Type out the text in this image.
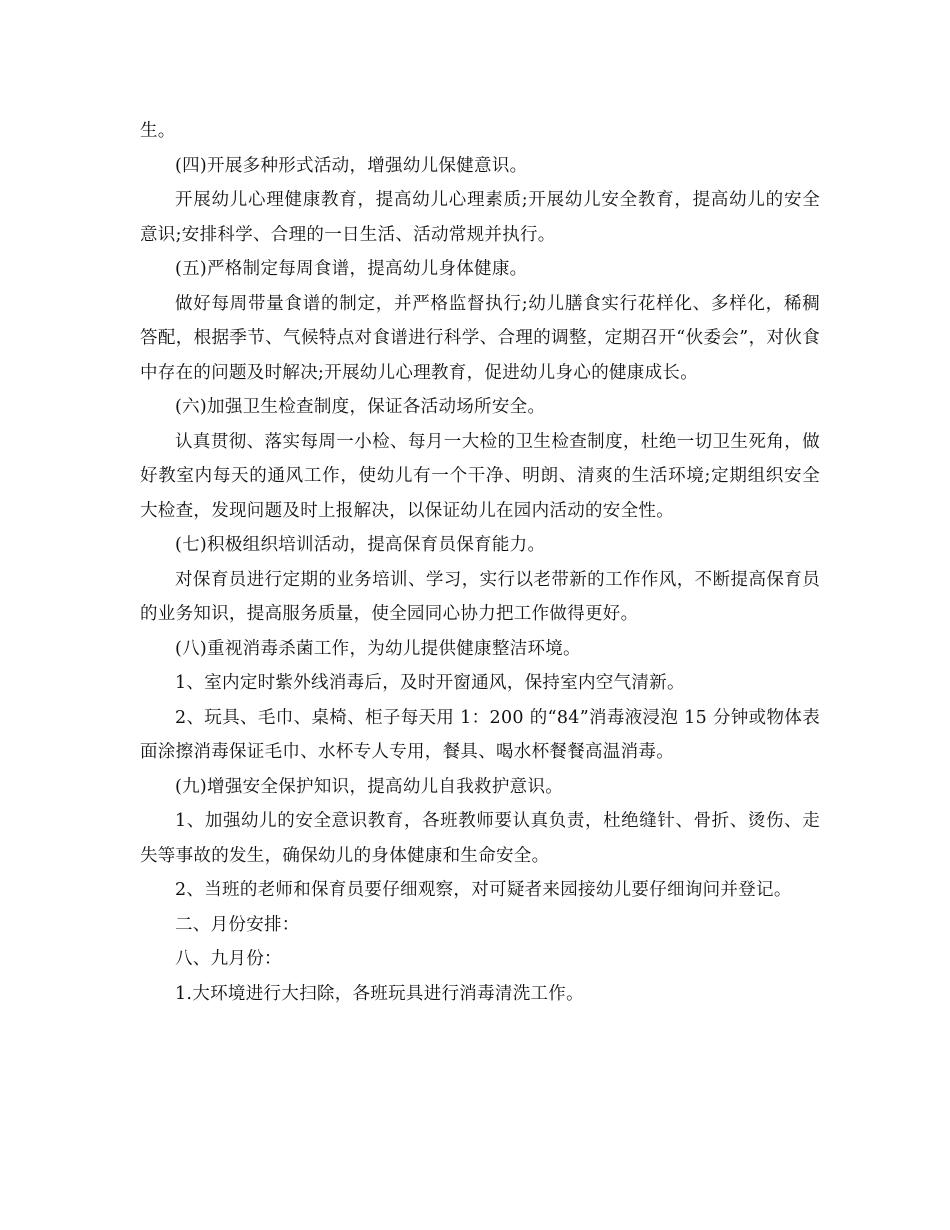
生。

(四)开展多种形式活动，增强幼儿保健意识。

开展幼儿心理健康教育，提高幼儿心理素质;开展幼儿安全教育，提高幼儿的安全意识;安排科学、合理的一日生活、活动常规并执行。

(五)严格制定每周食谱，提高幼儿身体健康。

做好每周带量食谱的制定，并严格监督执行;幼儿膳食实行花样化、多样化，稀稠答配，根据季节、气候特点对食谱进行科学、合理的调整，定期召开“伙委会”，对伙食中存在的问题及时解决;开展幼儿心理教育，促进幼儿身心的健康成长。

(六)加强卫生检查制度，保证各活动场所安全。

认真贯彻、落实每周一小检、每月一大检的卫生检查制度，杜绝一切卫生死角，做好教室内每天的通风工作，使幼儿有一个干净、明朗、清爽的生活环境;定期组织安全大检查，发现问题及时上报解决，以保证幼儿在园内活动的安全性。

(七)积极组织培训活动，提高保育员保育能力。

对保育员进行定期的业务培训、学习，实行以老带新的工作作风，不断提高保育员的业务知识，提高服务质量，使全园同心协力把工作做得更好。

(八)重视消毒杀菌工作，为幼儿提供健康整洁环境。

1、室内定时紫外线消毒后，及时开窗通风，保持室内空气清新。

2、玩具、毛巾、桌椅、柜子每天用 1：200 的“84”消毒液浸泡 15 分钟或物体表面涂擦消毒保证毛巾、水杯专人专用，餐具、喝水杯餐餐高温消毒。

(九)增强安全保护知识，提高幼儿自我救护意识。

1、加强幼儿的安全意识教育，各班教师要认真负责，杜绝缝针、骨折、烫伤、走失等事故的发生，确保幼儿的身体健康和生命安全。

2、当班的老师和保育员要仔细观察，对可疑者来园接幼儿要仔细询问并登记。

二、月份安排：

八、九月份：

1.大环境进行大扫除，各班玩具进行消毒清洗工作。
